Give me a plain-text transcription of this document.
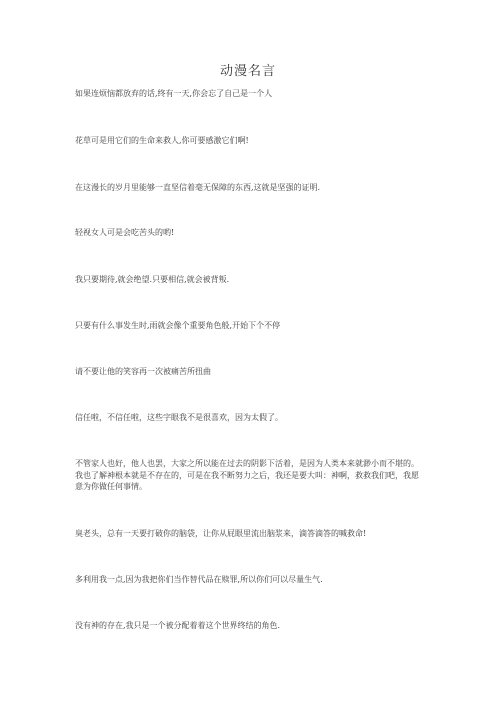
动漫名言

如果连烦恼都放弃的话,终有一天,你会忘了自己是一个人

花草可是用它们的生命来救人,你可要感激它们啊!

在这漫长的岁月里能够一直坚信着毫无保障的东西,这就是坚强的证明.

轻视女人可是会吃苦头的哟!

我只要期待,就会绝望.只要相信,就会被背叛.

只要有什么事发生时,雨就会像个重要角色般,开始下个不停

请不要让他的笑容再一次被痛苦所扭曲

信任啦，不信任啦，这些字眼我不是很喜欢，因为太假了。

不管家人也好，他人也罢，大家之所以能在过去的阴影下活着，是因为人类本来就渺小而不堪的。我也了解神根本就是不存在的，可是在我不断努力之后，我还是要大叫：神啊，救救我们吧，我愿意为你做任何事情。

臭老头，总有一天要打破你的脑袋，让你从屁眼里流出脑浆来，滴答滴答的喊救命!

多利用我一点,因为我把你们当作替代品在赎罪,所以你们可以尽量生气.

没有神的存在,我只是一个被分配着着这个世界终结的角色.
